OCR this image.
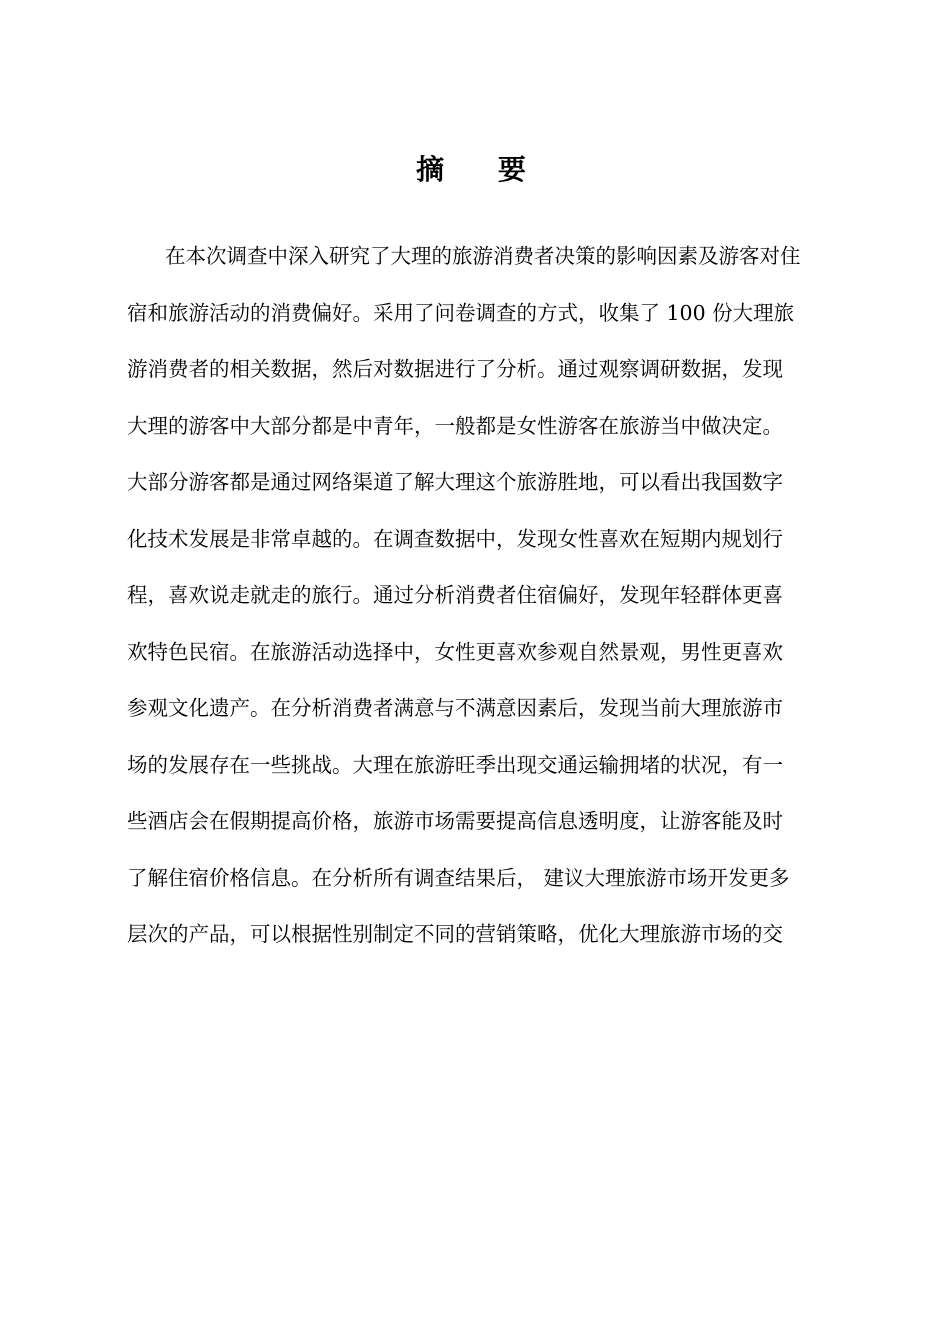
摘 要
在本次调查中深入研究了大理的旅游消费者决策的影响因素及游客对住
宿和旅游活动的消费偏好。采用了问卷调查的方式，收集了 100 份大理旅
游消费者的相关数据，然后对数据进行了分析。通过观察调研数据，发现
大理的游客中大部分都是中青年，一般都是女性游客在旅游当中做决定。
大部分游客都是通过网络渠道了解大理这个旅游胜地，可以看出我国数字
化技术发展是非常卓越的。在调查数据中，发现女性喜欢在短期内规划行
程，喜欢说走就走的旅行。通过分析消费者住宿偏好，发现年轻群体更喜
欢特色民宿。在旅游活动选择中，女性更喜欢参观自然景观，男性更喜欢
参观文化遗产。在分析消费者满意与不满意因素后，发现当前大理旅游市
场的发展存在一些挑战。大理在旅游旺季出现交通运输拥堵的状况，有一
些酒店会在假期提高价格，旅游市场需要提高信息透明度，让游客能及时
了解住宿价格信息。在分析所有调查结果后， 建议大理旅游市场开发更多
层次的产品，可以根据性别制定不同的营销策略，优化大理旅游市场的交
